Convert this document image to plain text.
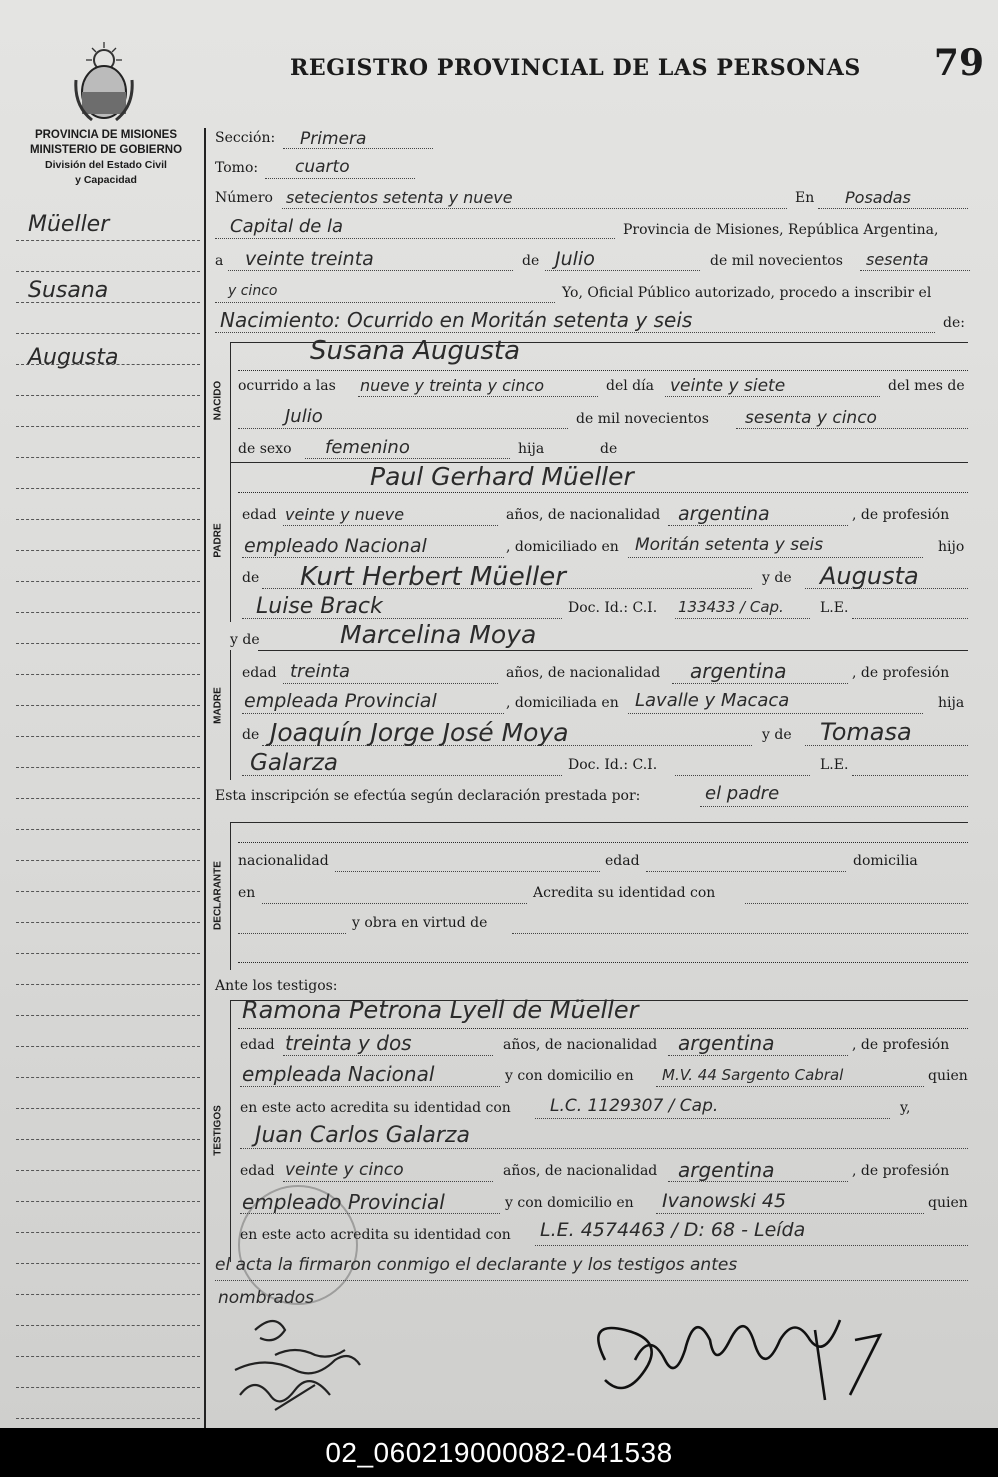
REGISTRO PROVINCIAL DE LAS PERSONAS 79
PROVINCIA DE MISIONES
MINISTERIO DE GOBIERNO
División del Estado Civil
y Capacidad
Müeller
Susana
Augusta
Sección: Primera
Tomo: cuarto
Número setecientos setenta y nueve	En Posadas
Capital de la	Provincia de Misiones, República Argentina,
a veinte treinta	de Julio	de mil novecientos sesenta
y cinco	Yo, Oficial Público autorizado, procedo a inscribir el
Nacimiento: Ocurrido en Moritán setenta y seis	de:
NACIDO
Susana Augusta
ocurrido a las nueve y treinta y cinco	del día veinte y siete	del mes de
Julio	de mil novecientos sesenta y cinco
de sexo femenino	hija	de
PADRE
Paul Gerhard Müeller
edad veinte y nueve	años, de nacionalidad argentina	, de profesión
empleado Nacional	, domiciliado en Moritán setenta y seis	hijo
de Kurt Herbert Müeller	y de Augusta
Luise Brack	Doc. Id.: C.I. 133433 / Cap.	L.E.
y de	Marcelina Moya
MADRE
edad treinta	años, de nacionalidad argentina	, de profesión
empleada Provincial	, domiciliada en Lavalle y Macaca	hija
de Joaquín Jorge José Moya	y de Tomasa
Galarza	Doc. Id.: C.I.	L.E.
Esta inscripción se efectúa según declaración prestada por:	el padre
DECLARANTE
nacionalidad	edad	domicilia
en	Acredita su identidad con
y obra en virtud de
Ante los testigos:
TESTIGOS
Ramona Petrona Lyell de Müeller
edad treinta y dos	años, de nacionalidad argentina	, de profesión
empleada Nacional	y con domicilio en M.V. 44 Sargento Cabral	quien
en este acto acredita su identidad con L.C. 1129307 / Cap.	y,
Juan Carlos Galarza
edad veinte y cinco	años, de nacionalidad argentina	, de profesión
empleado Provincial	y con domicilio en Ivanowski 45	quien
en este acto acredita su identidad con L.E. 4574463 / D: 68 - Leída
el acta la firmaron conmigo el declarante y los testigos antes
nombrados
02_060219000082-041538
